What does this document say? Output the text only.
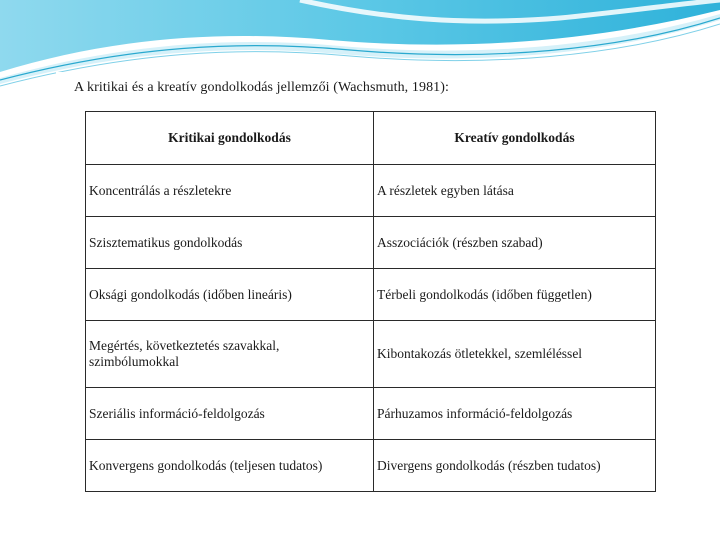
A kritikai és a kreatív gondolkodás jellemzői (Wachsmuth, 1981):
Kritikai gondolkodás	Kreatív gondolkodás
Koncentrálás a részletekre	A részletek egyben látása
Szisztematikus gondolkodás	Asszociációk (részben szabad)
Oksági gondolkodás (időben lineáris)	Térbeli gondolkodás (időben független)
Megértés, következtetés szavakkal, szimbólumokkal	Kibontakozás ötletekkel, szemléléssel
Szeriális információ-feldolgozás	Párhuzamos információ-feldolgozás
Konvergens gondolkodás (teljesen tudatos)	Divergens gondolkodás (részben tudatos)
